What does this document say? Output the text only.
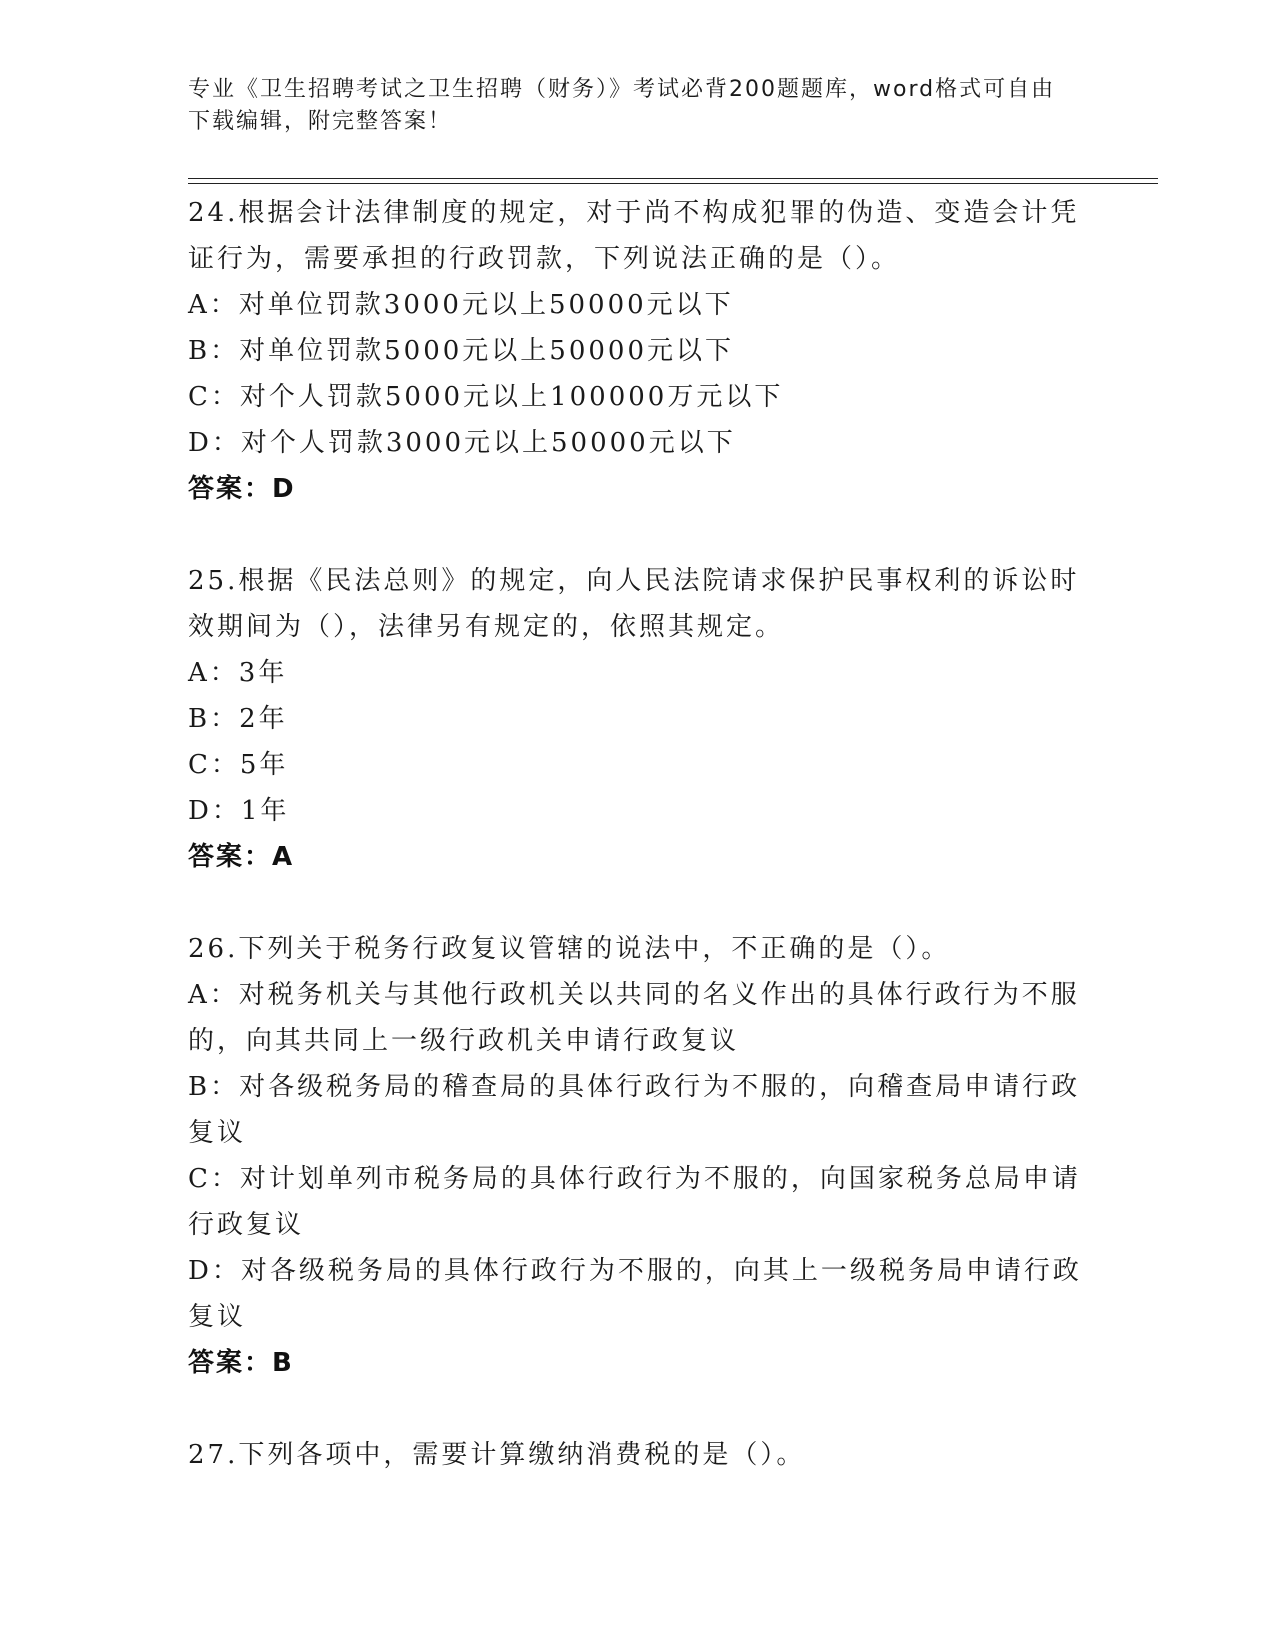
专业《卫生招聘考试之卫生招聘（财务）》考试必背200题题库，word格式可自由下载编辑，附完整答案！
24.根据会计法律制度的规定，对于尚不构成犯罪的伪造、变造会计凭
证行为，需要承担的行政罚款，下列说法正确的是（）。
A：对单位罚款3000元以上50000元以下
B：对单位罚款5000元以上50000元以下
C：对个人罚款5000元以上100000万元以下
D：对个人罚款3000元以上50000元以下
答案：D
25.根据《民法总则》的规定，向人民法院请求保护民事权利的诉讼时
效期间为（），法律另有规定的，依照其规定。
A：3年
B：2年
C：5年
D：1年
答案：A
26.下列关于税务行政复议管辖的说法中，不正确的是（）。
A：对税务机关与其他行政机关以共同的名义作出的具体行政行为不服
的，向其共同上一级行政机关申请行政复议
B：对各级税务局的稽查局的具体行政行为不服的，向稽查局申请行政
复议
C：对计划单列市税务局的具体行政行为不服的，向国家税务总局申请
行政复议
D：对各级税务局的具体行政行为不服的，向其上一级税务局申请行政
复议
答案：B
27.下列各项中，需要计算缴纳消费税的是（）。
